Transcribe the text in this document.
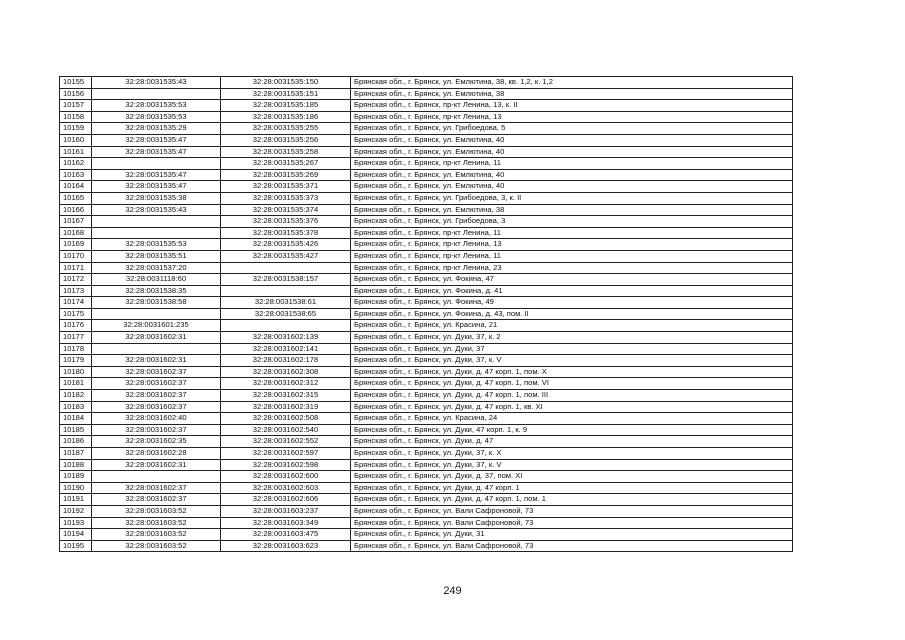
10155	32:28:0031535:43	32:28:0031535:150	Брянская обл., г. Брянск, ул. Емлютина, 38, кв. 1,2, к. 1,2
10156		32:28:0031535:151	Брянская обл., г. Брянск, ул. Емлютина, 38
10157	32:28:0031535:53	32:28:0031535:185	Брянская обл., г. Брянск, пр-кт Ленина, 13, к. II
10158	32:28:0031535:53	32:28:0031535:186	Брянская обл., г. Брянск, пр-кт Ленина, 13
10159	32:28:0031535:29	32:28:0031535:255	Брянская обл., г. Брянск, ул. Грибоедова, 5
10160	32:28:0031535:47	32:28:0031535:256	Брянская обл., г. Брянск, ул. Емлютина, 40
10161	32:28:0031535:47	32:28:0031535:258	Брянская обл., г. Брянск, ул. Емлютина, 40
10162		32:28:0031535:267	Брянская обл., г. Брянск, пр-кт Ленина, 11
10163	32:28:0031535:47	32:28:0031535:269	Брянская обл., г. Брянск, ул. Емлютина, 40
10164	32:28:0031535:47	32:28:0031535:371	Брянская обл., г. Брянск, ул. Емлютина, 40
10165	32:28:0031535:38	32:28:0031535:373	Брянская обл., г. Брянск, ул. Грибоедова, 3, к. II
10166	32:28:0031535:43	32:28:0031535:374	Брянская обл., г. Брянск, ул. Емлютина, 38
10167		32:28:0031535:376	Брянская обл., г. Брянск, ул. Грибоедова, 3
10168		32:28:0031535:378	Брянская обл., г. Брянск, пр-кт Ленина, 11
10169	32:28:0031535:53	32:28:0031535:426	Брянская обл., г. Брянск, пр-кт Ленина, 13
10170	32:28:0031535:51	32:28:0031535:427	Брянская обл., г. Брянск, пр-кт Ленина, 11
10171	32:28:0031537:20		Брянская обл., г. Брянск, пр-кт Ленина, 23
10172	32:28:0031118:60	32:28:0031538:157	Брянская обл., г. Брянск, ул. Фокина, 47
10173	32:28:0031538:35		Брянская обл., г. Брянск, ул. Фокина, д. 41
10174	32:28:0031538:58	32:28:0031538:61	Брянская обл., г. Брянск, ул. Фокина, 49
10175		32:28:0031538:65	Брянская обл., г. Брянск, ул. Фокина, д. 43, пом. II
10176	32:28:0031601:235		Брянская обл., г. Брянск, ул. Красина, 21
10177	32:28:0031602:31	32:28:0031602:139	Брянская обл., г. Брянск, ул. Дуки, 37, к. 2
10178		32:28:0031602:141	Брянская обл., г. Брянск, ул. Дуки, 37
10179	32:28:0031602:31	32:28:0031602:178	Брянская обл., г. Брянск, ул. Дуки, 37, к. V
10180	32:28:0031602:37	32:28:0031602:308	Брянская обл., г. Брянск, ул. Дуки, д. 47 корп. 1, пом. X
10181	32:28:0031602:37	32:28:0031602:312	Брянская обл., г. Брянск, ул. Дуки, д. 47 корп. 1, пом. VI
10182	32:28:0031602:37	32:28:0031602:315	Брянская обл., г. Брянск, ул. Дуки, д. 47 корп. 1, пом. III
10183	32:28:0031602:37	32:28:0031602:319	Брянская обл., г. Брянск, ул. Дуки, д. 47 корп. 1, кв. XI
10184	32:28:0031602:40	32:28:0031602:508	Брянская обл., г. Брянск, ул. Красина, 24
10185	32:28:0031602:37	32:28:0031602:540	Брянская обл., г. Брянск, ул. Дуки, 47 корп. 1, к. 9
10186	32:28:0031602:35	32:28:0031602:552	Брянская обл., г. Брянск, ул. Дуки, д. 47
10187	32:28:0031602:28	32:28:0031602:597	Брянская обл., г. Брянск, ул. Дуки, 37, к. X
10188	32:28:0031602:31	32:28:0031602:598	Брянская обл., г. Брянск, ул. Дуки, 37, к. V
10189		32:28:0031602:600	Брянская обл., г. Брянск, ул. Дуки, д. 37, пом. XI
10190	32:28:0031602:37	32:28:0031602:603	Брянская обл., г. Брянск, ул. Дуки, д. 47 корп. 1
10191	32:28:0031602:37	32:28:0031602:606	Брянская обл., г. Брянск, ул. Дуки, д. 47 корп. 1, пом. 1
10192	32:28:0031603:52	32:28:0031603:237	Брянская обл., г. Брянск, ул. Вали Сафроновой, 73
10193	32:28:0031603:52	32:28:0031603:349	Брянская обл., г. Брянск, ул. Вали Сафроновой, 73
10194	32:28:0031603:52	32:28:0031603:475	Брянская обл., г. Брянск, ул. Дуки, 31
10195	32:28:0031603:52	32:28:0031603:623	Брянская обл., г. Брянск, ул. Вали Сафроновой, 73
249
